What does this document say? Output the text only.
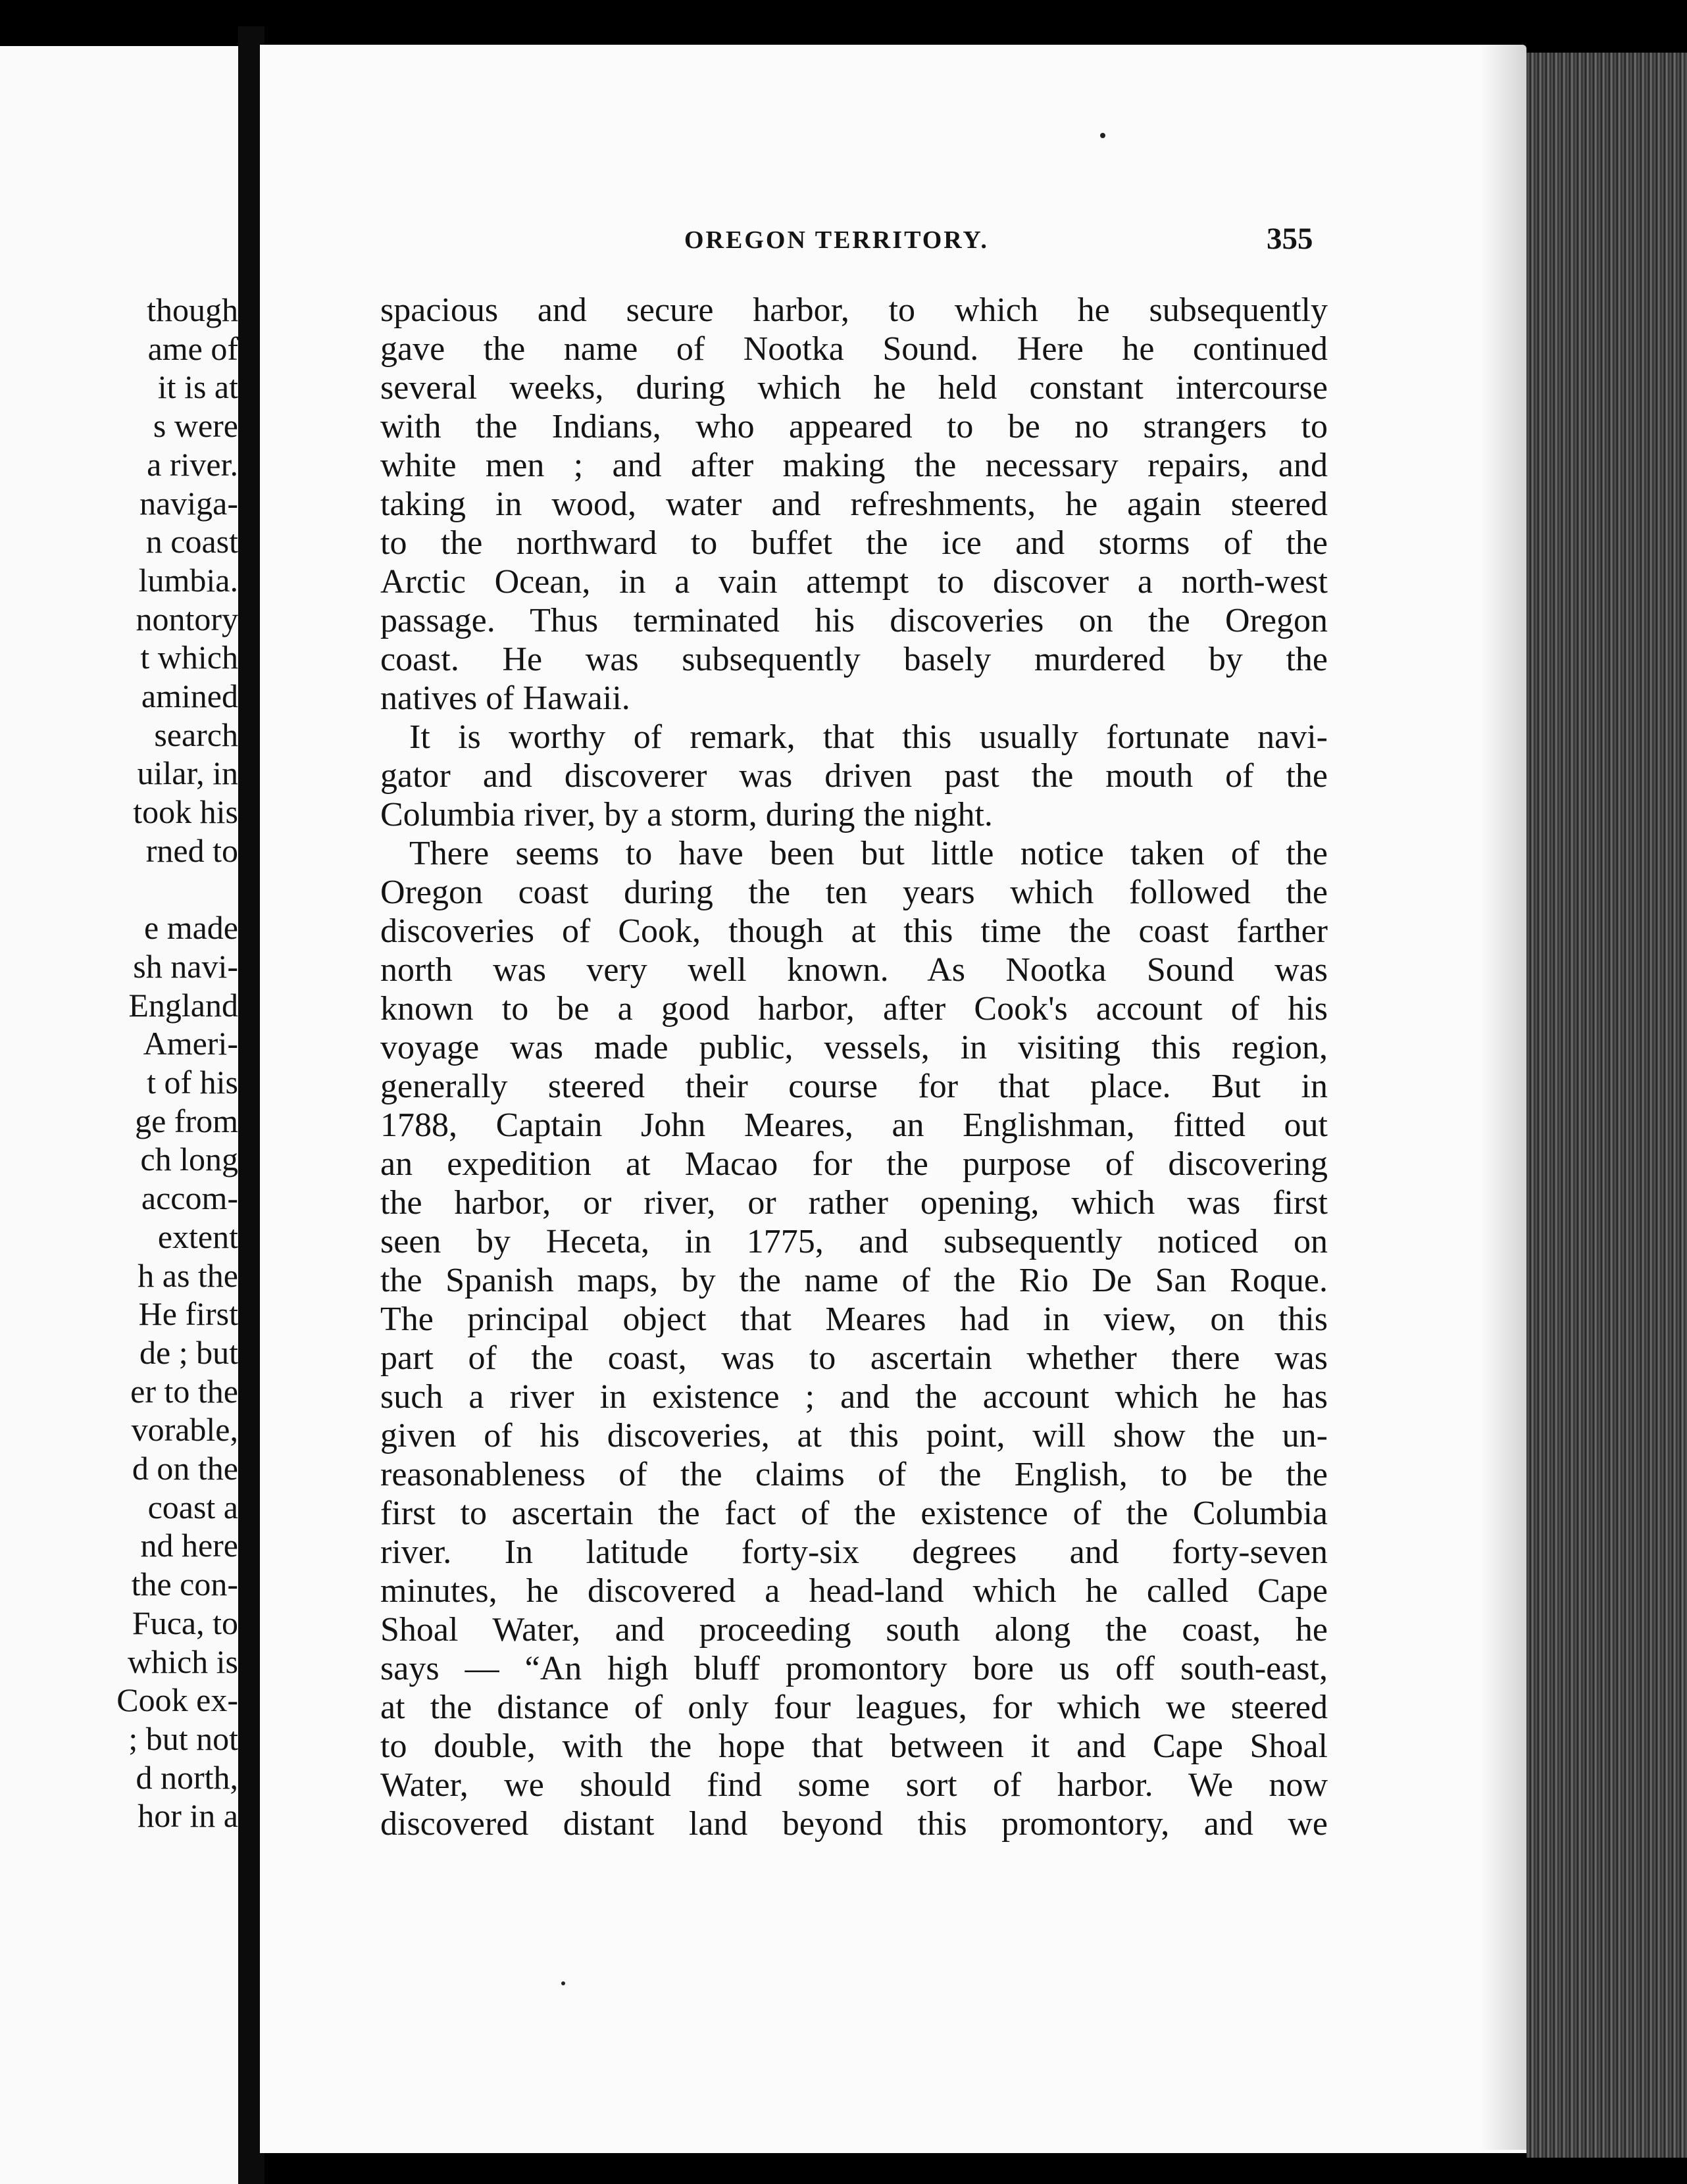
though
ame of
it is at
s were
a river.
naviga-
n coast
lumbia.
nontory
t which
amined
search
uilar, in
took his
rned to
e made
sh navi-
England
Ameri-
t of his
ge from
ch long
accom-
extent
h as the
He first
de ; but
er to the
vorable,
d on the
coast a
nd here
the con-
Fuca, to
which is
Cook ex-
; but not
d north,
hor in a
OREGON TERRITORY.	355
spacious and secure harbor, to which he subsequently
gave the name of Nootka Sound. Here he continued
several weeks, during which he held constant intercourse
with the Indians, who appeared to be no strangers to
white men ; and after making the necessary repairs, and
taking in wood, water and refreshments, he again steered
to the northward to buffet the ice and storms of the
Arctic Ocean, in a vain attempt to discover a north-west
passage. Thus terminated his discoveries on the Oregon
coast. He was subsequently basely murdered by the
natives of Hawaii.
It is worthy of remark, that this usually fortunate navi-
gator and discoverer was driven past the mouth of the
Columbia river, by a storm, during the night.
There seems to have been but little notice taken of the
Oregon coast during the ten years which followed the
discoveries of Cook, though at this time the coast farther
north was very well known. As Nootka Sound was
known to be a good harbor, after Cook's account of his
voyage was made public, vessels, in visiting this region,
generally steered their course for that place. But in
1788, Captain John Meares, an Englishman, fitted out
an expedition at Macao for the purpose of discovering
the harbor, or river, or rather opening, which was first
seen by Heceta, in 1775, and subsequently noticed on
the Spanish maps, by the name of the Rio De San Roque.
The principal object that Meares had in view, on this
part of the coast, was to ascertain whether there was
such a river in existence ; and the account which he has
given of his discoveries, at this point, will show the un-
reasonableness of the claims of the English, to be the
first to ascertain the fact of the existence of the Columbia
river. In latitude forty-six degrees and forty-seven
minutes, he discovered a head-land which he called Cape
Shoal Water, and proceeding south along the coast, he
says — “An high bluff promontory bore us off south-east,
at the distance of only four leagues, for which we steered
to double, with the hope that between it and Cape Shoal
Water, we should find some sort of harbor. We now
discovered distant land beyond this promontory, and we
